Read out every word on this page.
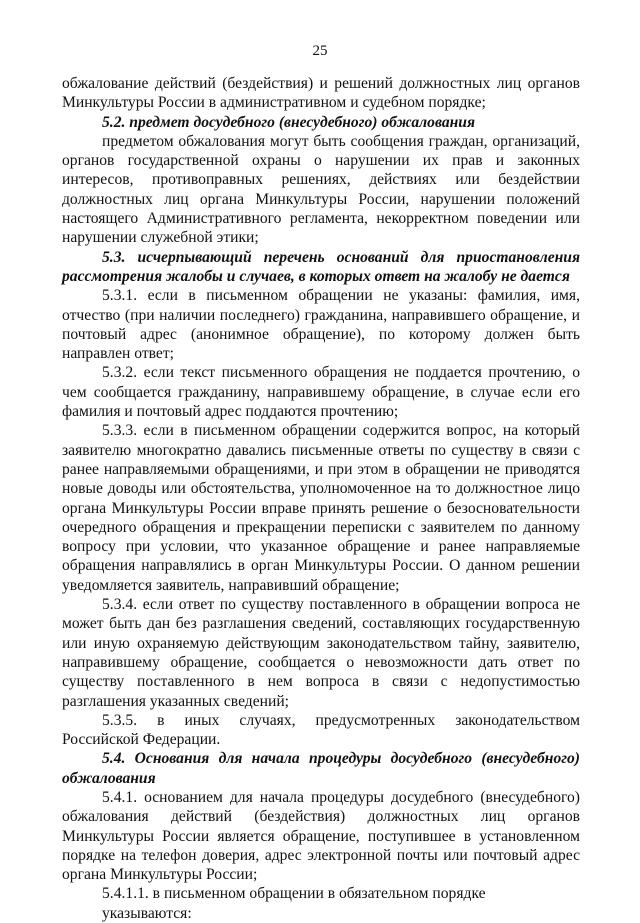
25

обжалование действий (бездействия) и решений должностных лиц органов Минкультуры России в административном и судебном порядке;

5.2. предмет досудебного (внесудебного) обжалования

предметом обжалования могут быть сообщения граждан, организаций, органов государственной охраны о нарушении их прав и законных интересов, противоправных решениях, действиях или бездействии должностных лиц органа Минкультуры России, нарушении положений настоящего Административного регламента, некорректном поведении или нарушении служебной этики;

5.3. исчерпывающий перечень оснований для приостановления рассмотрения жалобы и случаев, в которых ответ на жалобу не дается

5.3.1. если в письменном обращении не указаны: фамилия, имя, отчество (при наличии последнего) гражданина, направившего обращение, и почтовый адрес (анонимное обращение), по которому должен быть направлен ответ;

5.3.2. если текст письменного обращения не поддается прочтению, о чем сообщается гражданину, направившему обращение, в случае если его фамилия и почтовый адрес поддаются прочтению;

5.3.3. если в письменном обращении содержится вопрос, на который заявителю многократно давались письменные ответы по существу в связи с ранее направляемыми обращениями, и при этом в обращении не приводятся новые доводы или обстоятельства, уполномоченное на то должностное лицо органа Минкультуры России вправе принять решение о безосновательности очередного обращения и прекращении переписки с заявителем по данному вопросу при условии, что указанное обращение и ранее направляемые обращения направлялись в орган Минкультуры России. О данном решении уведомляется заявитель, направивший обращение;

5.3.4. если ответ по существу поставленного в обращении вопроса не может быть дан без разглашения сведений, составляющих государственную или иную охраняемую действующим законодательством тайну, заявителю, направившему обращение, сообщается о невозможности дать ответ по существу поставленного в нем вопроса в связи с недопустимостью разглашения указанных сведений;

5.3.5. в иных случаях, предусмотренных законодательством Российской Федерации.

5.4. Основания для начала процедуры досудебного (внесудебного) обжалования

5.4.1. основанием для начала процедуры досудебного (внесудебного) обжалования действий (бездействия) должностных лиц органов Минкультуры России является обращение, поступившее в установленном порядке на телефон доверия, адрес электронной почты или почтовый адрес органа Минкультуры России;

5.4.1.1. в письменном обращении в обязательном порядке

указываются:
